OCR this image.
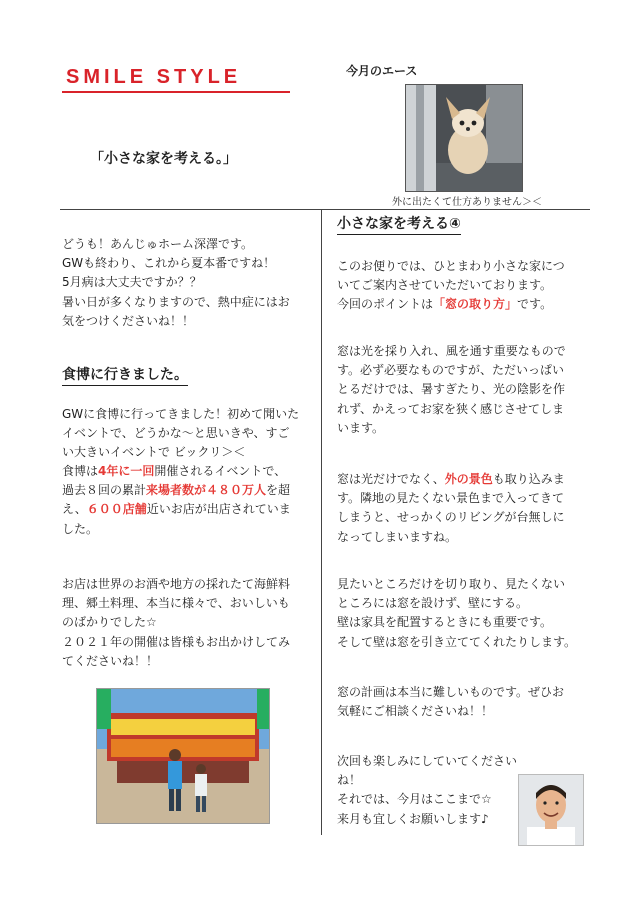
SMILE STYLE
「小さな家を考える。」
今月のエース
外に出たくて仕方ありません＞＜
どうも！あんじゅホーム深澤です。
GWも終わり、これから夏本番ですね！
5月病は大丈夫ですか？？
暑い日が多くなりますので、熱中症にはお
気をつけくださいね！！
食博に行きました。
GWに食博に行ってきました！初めて聞いた
イベントで、どうかな～と思いきや、すご
い大きいイベントで ビックリ＞＜
食博は4年に一回開催されるイベントで、
過去８回の累計来場者数が４８０万人を超
え、６００店舗近いお店が出店されていま
した。
お店は世界のお酒や地方の採れたて海鮮料
理、郷土料理、本当に様々で、おいしいも
のばかりでした☆
２０２１年の開催は皆様もお出かけしてみ
てくださいね！！
小さな家を考える④
このお便りでは、ひとまわり小さな家につ
いてご案内させていただいております。
今回のポイントは「窓の取り方」です。
窓は光を採り入れ、風を通す重要なもので
す。必ず必要なものですが、ただいっぱい
とるだけでは、暑すぎたり、光の陰影を作
れず、かえってお家を狭く感じさせてしま
います。
窓は光だけでなく、外の景色も取り込みま
す。隣地の見たくない景色まで入ってきて
しまうと、せっかくのリビングが台無しに
なってしまいますね。
見たいところだけを切り取り、見たくない
ところには窓を設けず、壁にする。
壁は家具を配置するときにも重要です。
そして壁は窓を引き立ててくれたりします。
窓の計画は本当に難しいものです。ぜひお
気軽にご相談くださいね！！
次回も楽しみにしていてくださいね！
それでは、今月はここまで☆
来月も宜しくお願いします♪
